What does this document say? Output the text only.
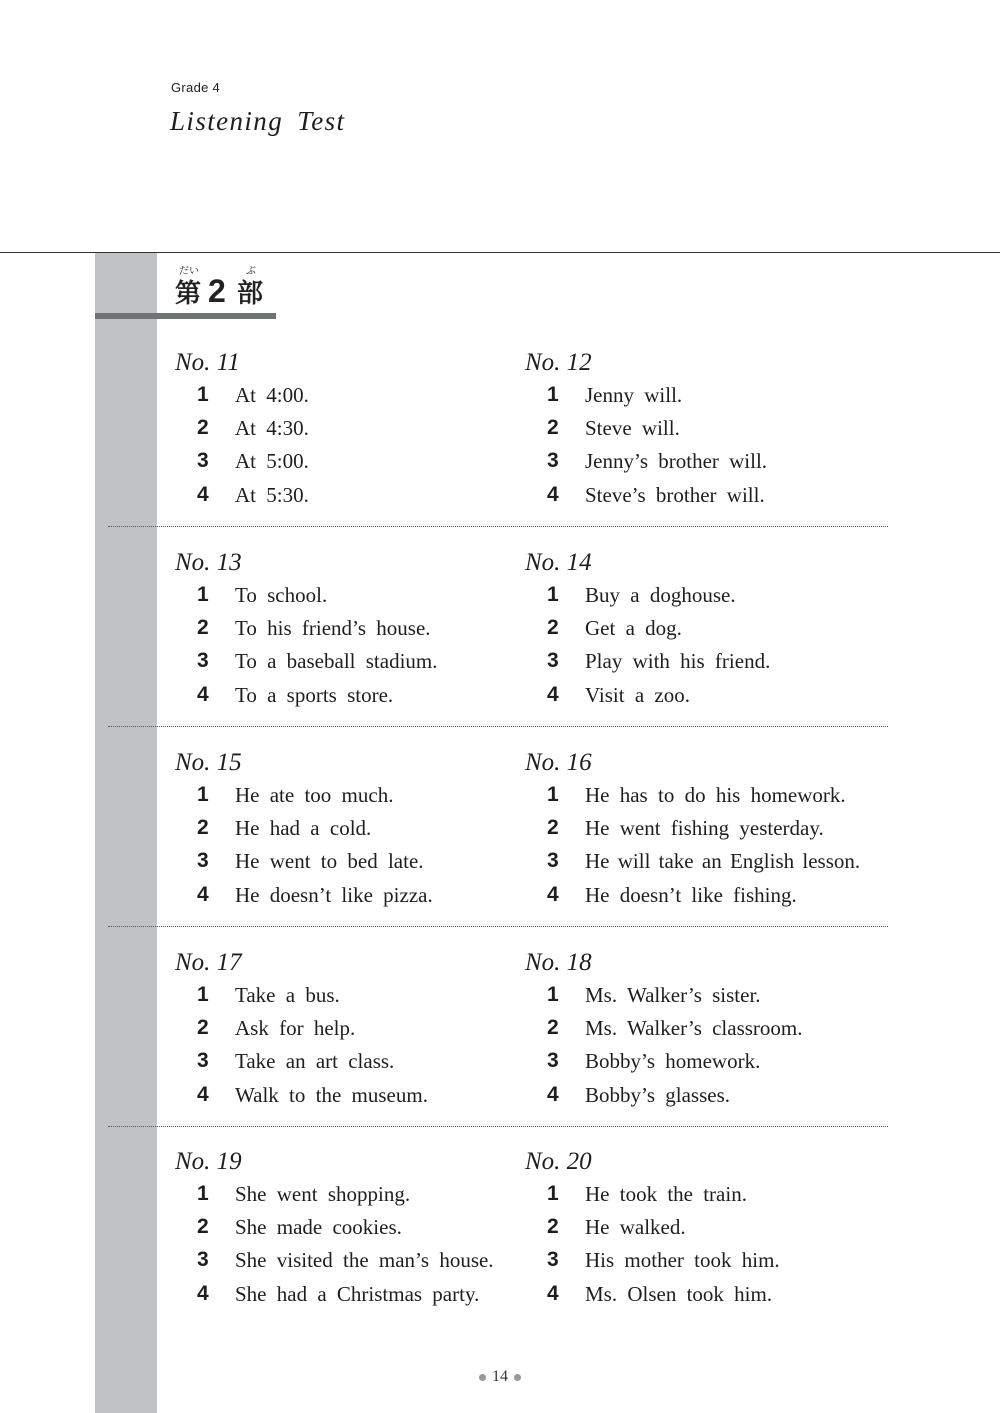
Grade 4
Listening Test
だい
第 2
ぶ
部
No. 11
1	At 4:00.
2	At 4:30.
3	At 5:00.
4	At 5:30.
No. 12
1	Jenny will.
2	Steve will.
3	Jenny’s brother will.
4	Steve’s brother will.
No. 13
1	To school.
2	To his friend’s house.
3	To a baseball stadium.
4	To a sports store.
No. 14
1	Buy a doghouse.
2	Get a dog.
3	Play with his friend.
4	Visit a zoo.
No. 15
1	He ate too much.
2	He had a cold.
3	He went to bed late.
4	He doesn’t like pizza.
No. 16
1	He has to do his homework.
2	He went fishing yesterday.
3	He will take an English lesson.
4	He doesn’t like fishing.
No. 17
1	Take a bus.
2	Ask for help.
3	Take an art class.
4	Walk to the museum.
No. 18
1	Ms. Walker’s sister.
2	Ms. Walker’s classroom.
3	Bobby’s homework.
4	Bobby’s glasses.
No. 19
1	She went shopping.
2	She made cookies.
3	She visited the man’s house.
4	She had a Christmas party.
No. 20
1	He took the train.
2	He walked.
3	His mother took him.
4	Ms. Olsen took him.
14
